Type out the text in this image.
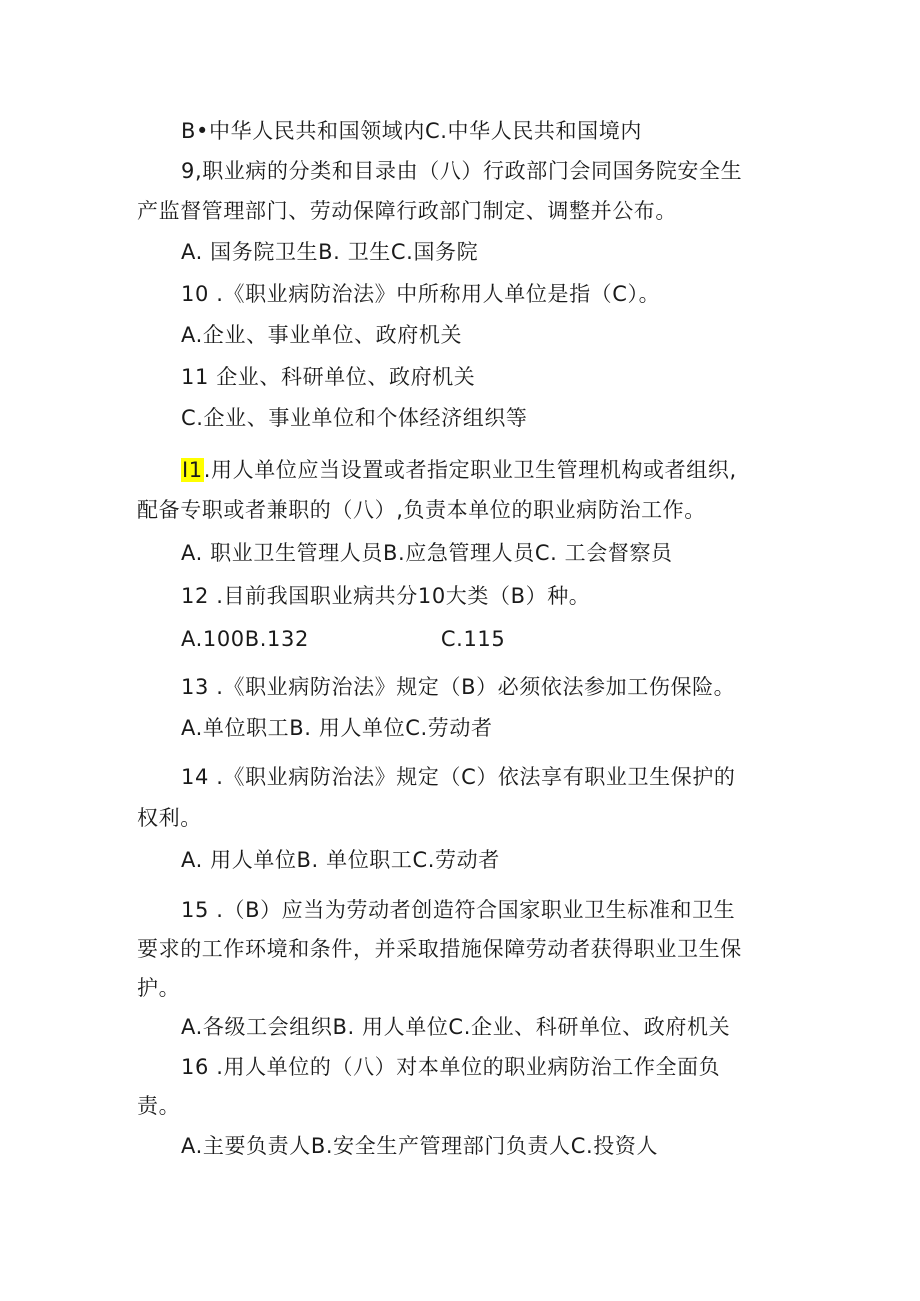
B•中华人民共和国领域内C.中华人民共和国境内
9,职业病的分类和目录由（八）行政部门会同国务院安全生
产监督管理部门、劳动保障行政部门制定、调整并公布。
A. 国务院卫生B. 卫生C.国务院
10 .《职业病防治法》中所称用人单位是指（C）。
A.企业、事业单位、政府机关
11 企业、科研单位、政府机关
C.企业、事业单位和个体经济组织等
I1.用人单位应当设置或者指定职业卫生管理机构或者组织,
配备专职或者兼职的（八）,负责本单位的职业病防治工作。
A. 职业卫生管理人员B.应急管理人员C. 工会督察员
12 .目前我国职业病共分10大类（B）种。
A.100B.132	C.115
13 .《职业病防治法》规定（B）必须依法参加工伤保险。
A.单位职工B. 用人单位C.劳动者
14 .《职业病防治法》规定（C）依法享有职业卫生保护的
权利。
A. 用人单位B. 单位职工C.劳动者
15 .（B）应当为劳动者创造符合国家职业卫生标准和卫生
要求的工作环境和条件，并采取措施保障劳动者获得职业卫生保
护。
A.各级工会组织B. 用人单位C.企业、科研单位、政府机关
16 .用人单位的（八）对本单位的职业病防治工作全面负
责。
A.主要负责人B.安全生产管理部门负责人C.投资人
